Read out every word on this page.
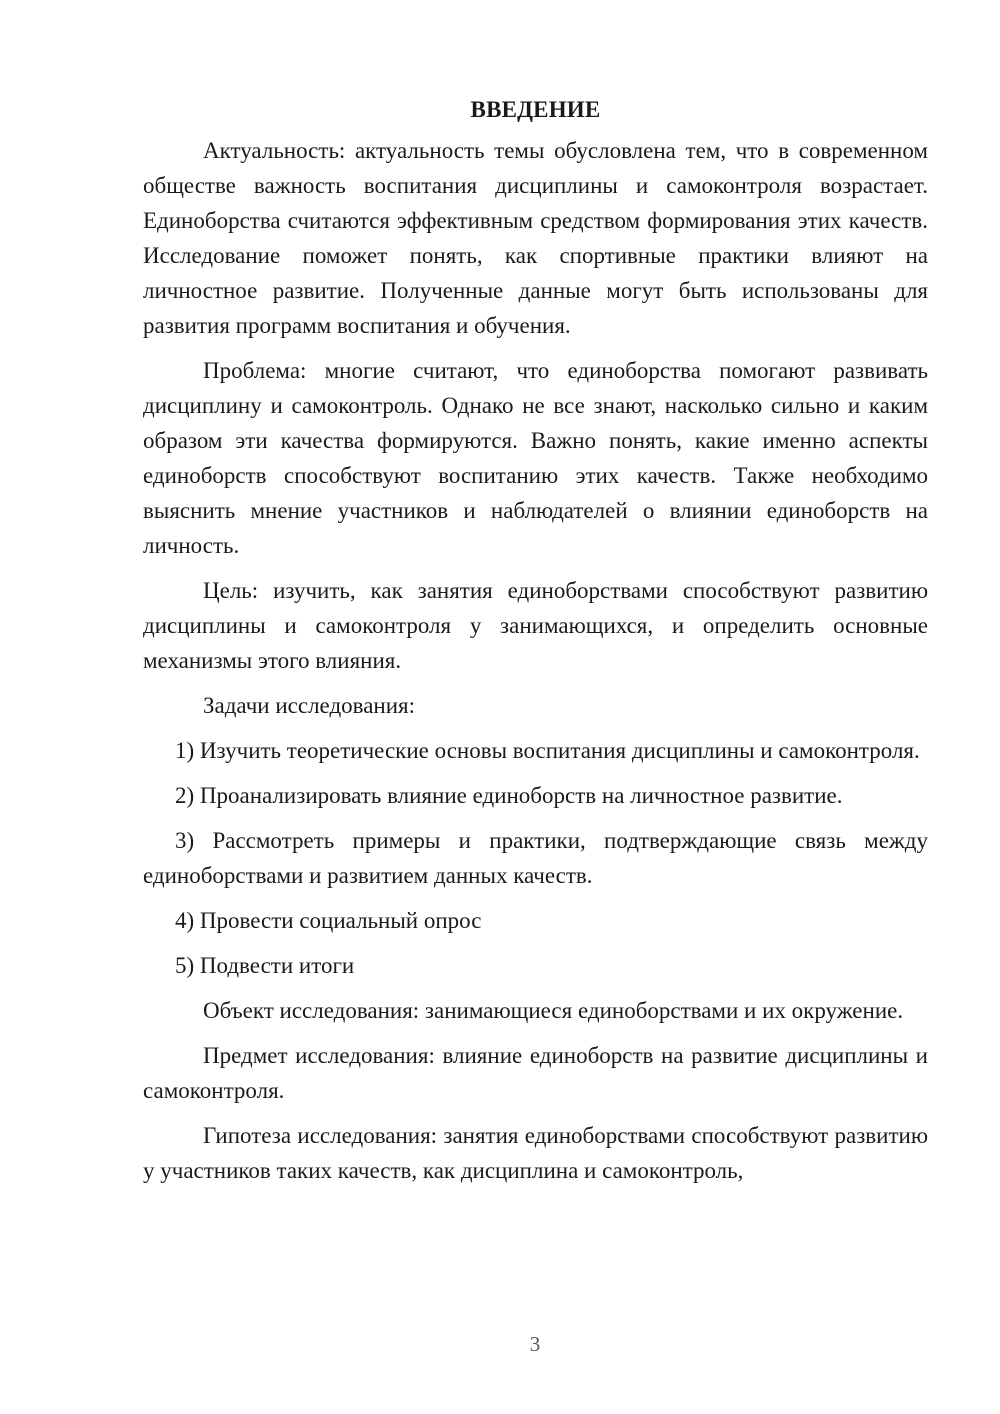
ВВЕДЕНИЕ

Актуальность: актуальность темы обусловлена тем, что в современном обществе важность воспитания дисциплины и самоконтроля возрастает. Единоборства считаются эффективным средством формирования этих качеств. Исследование поможет понять, как спортивные практики влияют на личностное развитие. Полученные данные могут быть использованы для развития программ воспитания и обучения.

Проблема: многие считают, что единоборства помогают развивать дисциплину и самоконтроль. Однако не все знают, насколько сильно и каким образом эти качества формируются. Важно понять, какие именно аспекты единоборств способствуют воспитанию этих качеств. Также необходимо выяснить мнение участников и наблюдателей о влиянии единоборств на личность.

Цель: изучить, как занятия единоборствами способствуют развитию дисциплины и самоконтроля у занимающихся, и определить основные механизмы этого влияния.

Задачи исследования:

1) Изучить теоретические основы воспитания дисциплины и самоконтроля.

2) Проанализировать влияние единоборств на личностное развитие.

3) Рассмотреть примеры и практики, подтверждающие связь между единоборствами и развитием данных качеств.

4) Провести социальный опрос

5) Подвести итоги

Объект исследования: занимающиеся единоборствами и их окружение.

Предмет исследования: влияние единоборств на развитие дисциплины и самоконтроля.

Гипотеза исследования: занятия единоборствами способствуют развитию у участников таких качеств, как дисциплина и самоконтроль,

3
